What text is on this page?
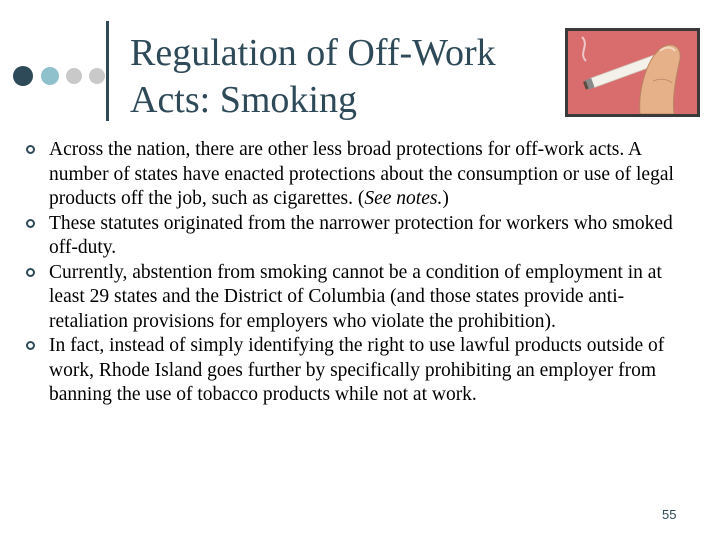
Regulation of Off-Work
Acts: Smoking
Across the nation, there are other less broad protections for off-work acts. A number of states have enacted protections about the consumption or use of legal products off the job, such as cigarettes. (See notes.)
These statutes originated from the narrower protection for workers who smoked off-duty.
Currently, abstention from smoking cannot be a condition of employment in at least 29 states and the District of Columbia (and those states provide anti-retaliation provisions for employers who violate the prohibition).
In fact, instead of simply identifying the right to use lawful products outside of work, Rhode Island goes further by specifically prohibiting an employer from banning the use of tobacco products while not at work.
55
